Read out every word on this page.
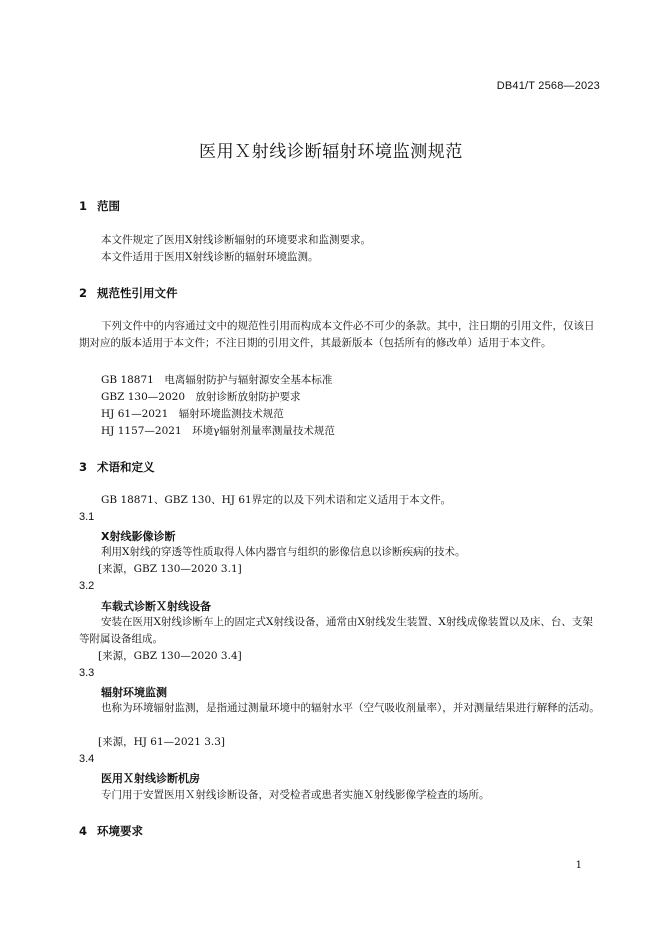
DB41/T 2568—2023
医用Ｘ射线诊断辐射环境监测规范
1 范围
本文件规定了医用X射线诊断辐射的环境要求和监测要求。
本文件适用于医用X射线诊断的辐射环境监测。
2 规范性引用文件
下列文件中的内容通过文中的规范性引用而构成本文件必不可少的条款。其中，注日期的引用文件，仅该日期对应的版本适用于本文件；不注日期的引用文件，其最新版本（包括所有的修改单）适用于本文件。
GB 18871　电离辐射防护与辐射源安全基本标准
GBZ 130—2020　放射诊断放射防护要求
HJ 61—2021　辐射环境监测技术规范
HJ 1157—2021　环境γ辐射剂量率测量技术规范
3 术语和定义
GB 18871、GBZ 130、HJ 61界定的以及下列术语和定义适用于本文件。
3.1
X射线影像诊断
利用X射线的穿透等性质取得人体内器官与组织的影像信息以诊断疾病的技术。
[来源，GBZ 130—2020 3.1]
3.2
车载式诊断Ｘ射线设备
安装在医用X射线诊断车上的固定式X射线设备，通常由X射线发生装置、X射线成像装置以及床、台、支架等附属设备组成。
[来源，GBZ 130—2020 3.4]
3.3
辐射环境监测
也称为环境辐射监测，是指通过测量环境中的辐射水平（空气吸收剂量率），并对测量结果进行解释的活动。
[来源，HJ 61—2021 3.3]
3.4
医用Ｘ射线诊断机房
专门用于安置医用Ｘ射线诊断设备，对受检者或患者实施Ｘ射线影像学检查的场所。
4 环境要求
1
